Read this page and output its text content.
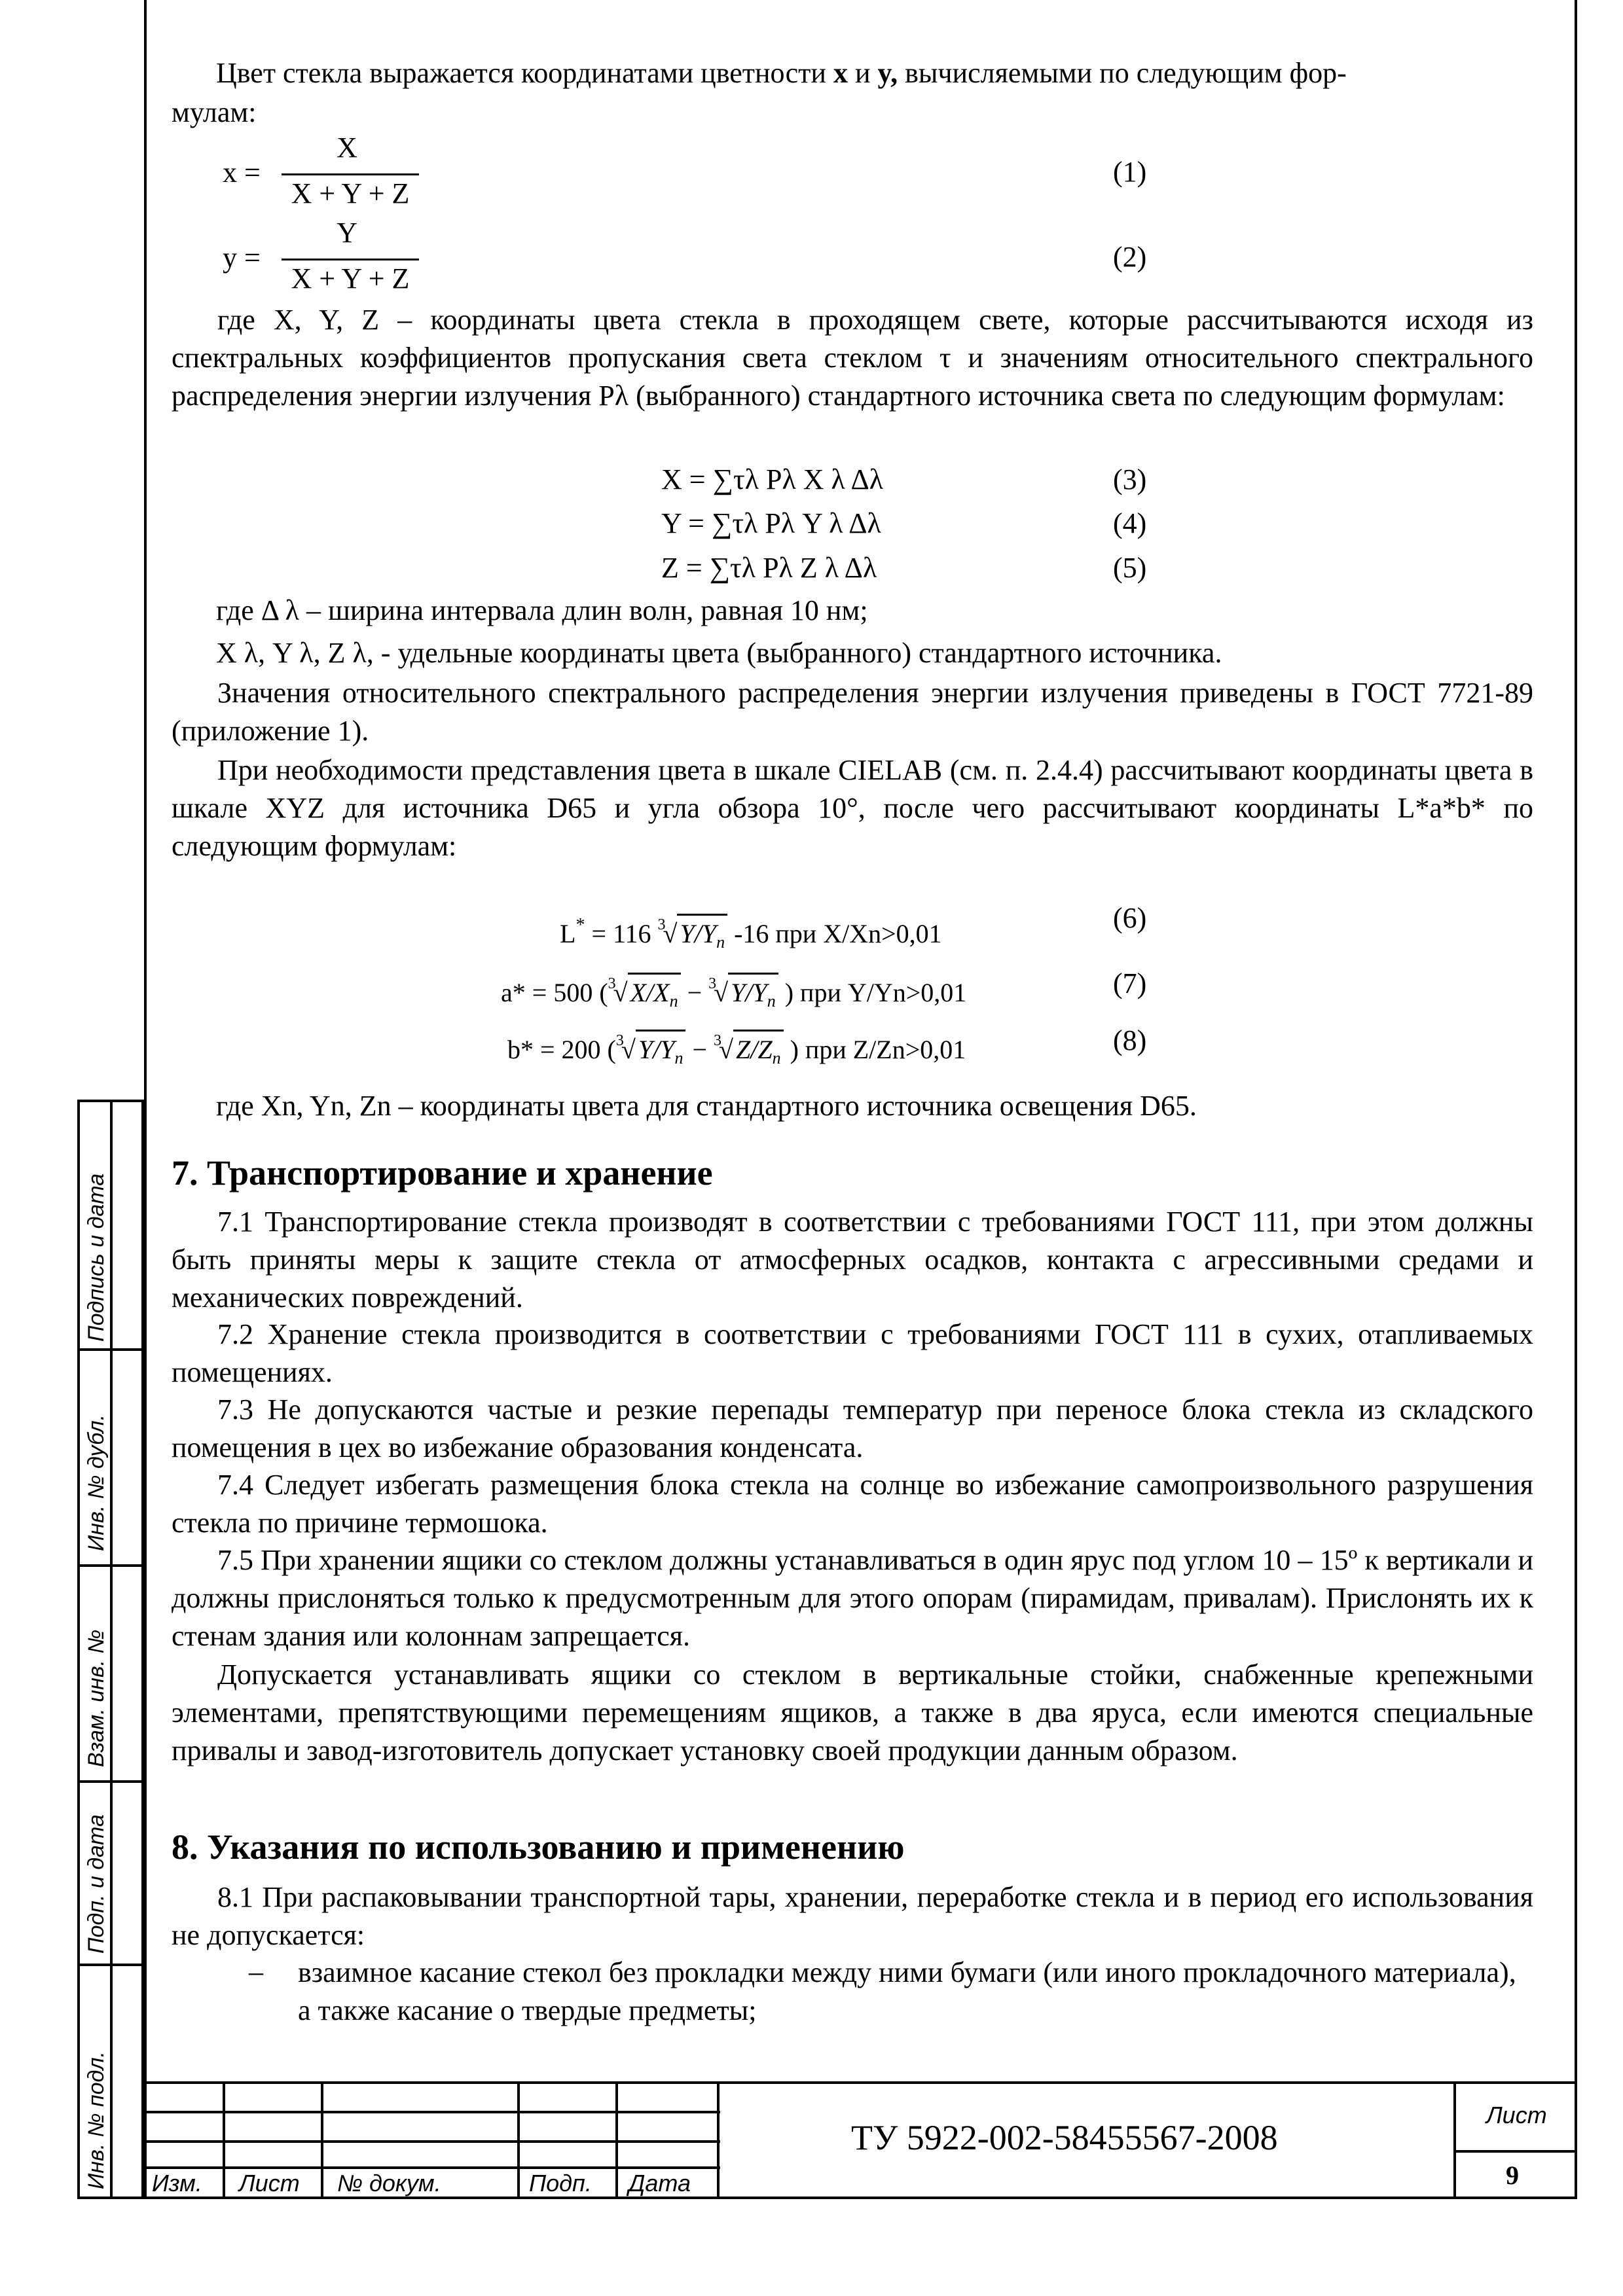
Подпись и дата
Инв. № дубл.
Взам. инв. №
Подп. и дата
Инв. № подл.
Цвет стекла выражается координатами цветности x и y, вычисляемыми по следующим фор-
мулам:
x =
X
X + Y + Z
(1)
y =
Y
X + Y + Z
(2)
где X, Y, Z – координаты цвета стекла в проходящем свете, которые рассчитываются исходя из спектральных коэффициентов пропускания света стеклом τ и значениям относительного спектрального распределения энергии излучения Pλ (выбранного) стандартного источника света по следующим формулам:
X = ∑τλ Pλ X λ Δλ	(3)
Y = ∑τλ Pλ Y λ Δλ	(4)
Z = ∑τλ Pλ Z λ Δλ	(5)
где Δ λ – ширина интервала длин волн, равная 10 нм;
X λ, Y λ, Z λ, - удельные координаты цвета (выбранного) стандартного источника.
Значения относительного спектрального распределения энергии излучения приведены в ГОСТ 7721-89 (приложение 1).
При необходимости представления цвета в шкале CIELAB (см. п. 2.4.4) рассчитывают координаты цвета в шкале XYZ для источника D65 и угла обзора 10°, после чего рассчитывают координаты L*a*b* по следующим формулам:
L* = 116 $^3$√ $Y/Y_n$ -16 при X/Xn>0,01	(6)
a* = 500 ($^3$√ $X/X_n - ^3√$ $Y/Y_n$ ) при Y/Yn>0,01	(7)
b* = 200 ($^3$√ $Y/Y_n - ^3√$ $Z/Z_n$ ) при Z/Zn>0,01	(8)
где Xn, Yn, Zn – координаты цвета для стандартного источника освещения D65.
7. Транспортирование и хранение
7.1 Транспортирование стекла производят в соответствии с требованиями ГОСТ 111, при этом должны быть приняты меры к защите стекла от атмосферных осадков, контакта с агрессивными средами и механических повреждений.
7.2 Хранение стекла производится в соответствии с требованиями ГОСТ 111 в сухих, отапливаемых помещениях.
7.3 Не допускаются частые и резкие перепады температур при переносе блока стекла из складского помещения в цех во избежание образования конденсата.
7.4 Следует избегать размещения блока стекла на солнце во избежание самопроизвольного разрушения стекла по причине термошока.
7.5 При хранении ящики со стеклом должны устанавливаться в один ярус под углом 10 – 15º к вертикали и должны прислоняться только к предусмотренным для этого опорам (пирамидам, привалам). Прислонять их к стенам здания или колоннам запрещается.
Допускается устанавливать ящики со стеклом в вертикальные стойки, снабженные крепежными элементами, препятствующими перемещениям ящиков, а также в два яруса, если имеются специальные привалы и завод-изготовитель допускает установку своей продукции данным образом.
8. Указания по использованию и применению
8.1 При распаковывании транспортной тары, хранении, переработке стекла и в период его использования не допускается:
– взаимное касание стекол без прокладки между ними бумаги (или иного прокладочного материала), а также касание о твердые предметы;
Изм. Лист № докум.	Подп. Дата
ТУ 5922-002-58455567-2008
Лист
9
